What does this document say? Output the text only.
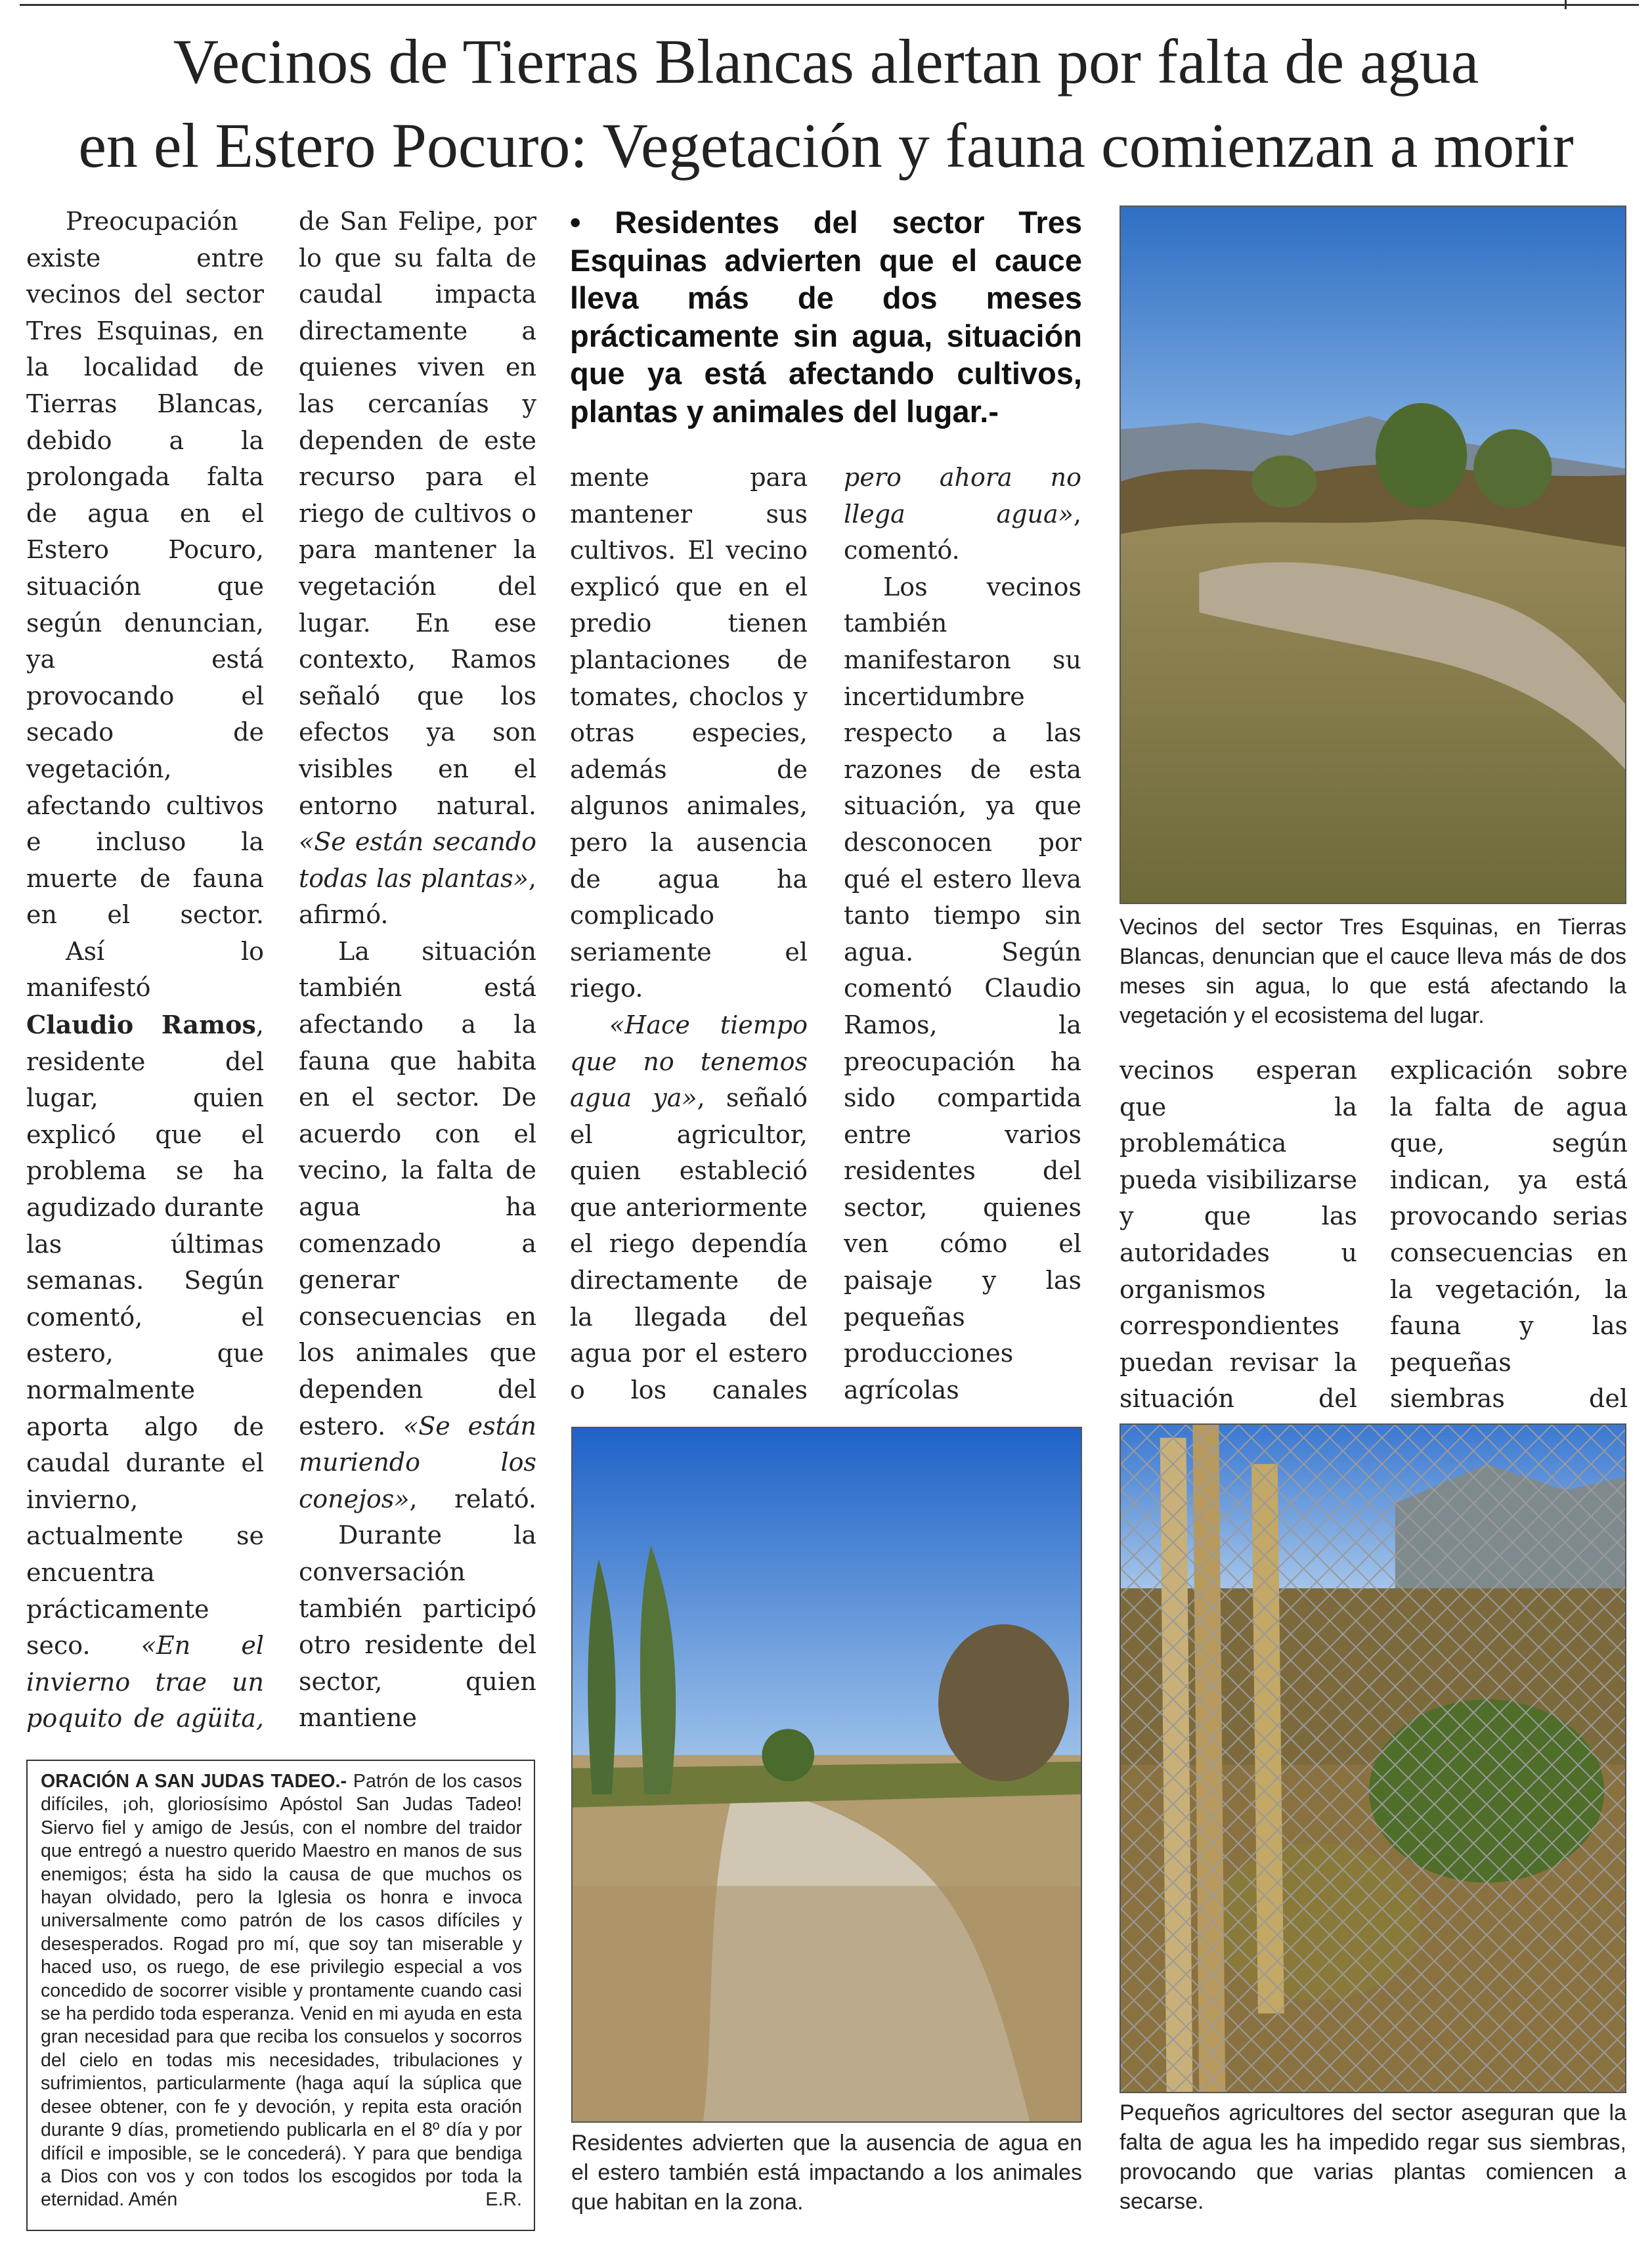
Vecinos de Tierras Blancas alertan por falta de agua
en el Estero Pocuro: Vegetación y fauna comienzan a morir

Preocupación existe entre vecinos del sector Tres Esquinas, en la localidad de Tierras Blancas, debido a la prolongada falta de agua en el Estero Pocuro, situación que según denuncian, ya está provocando el secado de vegetación, afectando cultivos e incluso la muerte de fauna en el sector.

Así lo manifestó Claudio Ramos, residente del lugar, quien explicó que el problema se ha agudizado durante las últimas semanas. Según comentó, el estero, que normalmente aporta algo de caudal durante el invierno, actualmente se encuentra prácticamente seco. «En el invierno trae un poquito de agüita,

de San Felipe, por lo que su falta de caudal impacta directamente a quienes viven en las cercanías y dependen de este recurso para el riego de cultivos o para mantener la vegetación del lugar. En ese contexto, Ramos señaló que los efectos ya son visibles en el entorno natural. «Se están secando todas las plantas», afirmó.

La situación también está afectando a la fauna que habita en el sector. De acuerdo con el vecino, la falta de agua ha comenzado a generar consecuencias en los animales que dependen del estero. «Se están muriendo los conejos», relató.

Durante la conversación también participó otro residente del sector, quien mantiene

• Residentes del sector Tres Esquinas advierten que el cauce lleva más de dos meses prácticamente sin agua, situación que ya está afectando cultivos, plantas y animales del lugar.-

mente para mantener sus cultivos. El vecino explicó que en el predio tienen plantaciones de tomates, choclos y otras especies, además de algunos animales, pero la ausencia de agua ha complicado seriamente el riego.

«Hace tiempo que no tenemos agua ya», señaló el agricultor, quien estableció que anteriormente el riego dependía directamente de la llegada del agua por el estero o los canales

pero ahora no llega agua», comentó.

Los vecinos también manifestaron su incertidumbre respecto a las razones de esta situación, ya que desconocen por qué el estero lleva tanto tiempo sin agua. Según comentó Claudio Ramos, la preocupación ha sido compartida entre varios residentes del sector, quienes ven cómo el paisaje y las pequeñas producciones agrícolas

Vecinos del sector Tres Esquinas, en Tierras Blancas, denuncian que el cauce lleva más de dos meses sin agua, lo que está afectando la vegetación y el ecosistema del lugar.

vecinos esperan que la problemática pueda visibilizarse y que las autoridades u organismos correspondientes puedan revisar la situación del

explicación sobre la falta de agua que, según indican, ya está provocando serias consecuencias en la vegetación, la fauna y las pequeñas siembras del

Residentes advierten que la ausencia de agua en el estero también está impactando a los animales que habitan en la zona.
Pequeños agricultores del sector aseguran que la falta de agua les ha impedido regar sus siembras, provocando que varias plantas comiencen a secarse.
ORACIÓN A SAN JUDAS TADEO.- Patrón de los casos difíciles, ¡oh, gloriosísimo Apóstol San Judas Tadeo! Siervo fiel y amigo de Jesús, con el nombre del traidor que entregó a nuestro querido Maestro en manos de sus enemigos; ésta ha sido la causa de que muchos os hayan olvidado, pero la Iglesia os honra e invoca universalmente como patrón de los casos difíciles y desesperados. Rogad pro mí, que soy tan miserable y haced uso, os ruego, de ese privilegio especial a vos concedido de socorrer visible y prontamente cuando casi se ha perdido toda esperanza. Venid en mi ayuda en esta gran necesidad para que reciba los consuelos y socorros del cielo en todas mis necesidades, tribulaciones y sufrimientos, particularmente (haga aquí la súplica que desee obtener, con fe y devoción, y repita esta oración durante 9 días, prometiendo publicarla en el 8º día y por difícil e imposible, se le concederá). Y para que bendiga a Dios con vos y con todos los escogidos por toda la eternidad. Amén	E.R.
